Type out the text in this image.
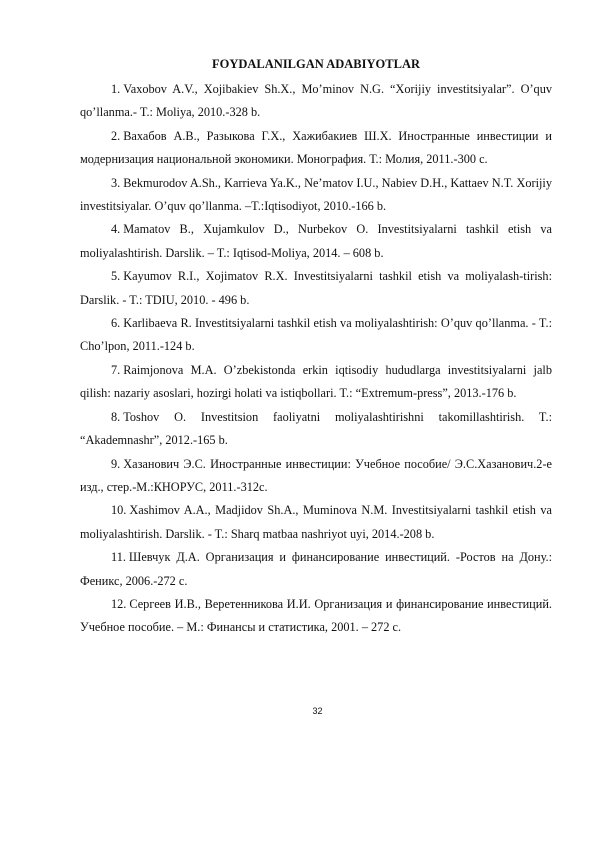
FOYDALANILGAN ADABIYOTLAR

1. Vaxobov A.V., Xojibakiev Sh.X., Mo’minov N.G. “Xorijiy investitsiyalar”. O’quv qo’llanma.- T.: Moliya, 2010.-328 b.

2. Вахабов А.В., Разыкова Г.Х., Хажибакиев Ш.Х. Иностранные инвестиции и модернизация национальной экономики. Монография. Т.: Молия, 2011.-300 с.

3. Bekmurodov A.Sh., Karrieva Ya.K., Ne’matov I.U., Nabiev D.H., Kattaev N.T. Xorijiy investitsiyalar. O’quv qo’llanma. –T.:Iqtisodiyot, 2010.-166 b.

4. Mamatov B., Xujamkulov D., Nurbekov O. Investitsiyalarni tashkil etish va moliyalashtirish. Darslik. – T.: Iqtisod-Moliya, 2014. – 608 b.

5. Kayumov R.I., Xojimatov R.X. Investitsiyalarni tashkil etish va moliyalash-tirish: Darslik. - T.: TDIU, 2010. - 496 b.

6. Karlibaeva R. Investitsiyalarni tashkil etish va moliyalashtirish: O’quv qo’llanma. - T.: Cho’lpon, 2011.-124 b.

7. Raimjonova M.A. O’zbekistonda erkin iqtisodiy hududlarga investitsiyalarni jalb qilish: nazariy asoslari, hozirgi holati va istiqbollari. T.: “Extremum-press”, 2013.-176 b.

8. Toshov O. Investitsion faoliyatni moliyalashtirishni takomillashtirish. T.: “Akademnashr”, 2012.-165 b.

9. Хазанович Э.С. Иностранные инвестиции: Учебное пособие/ Э.С.Хазанович.2-е изд., стер.-М.:КНОРУС, 2011.-312с.

10. Xashimov A.A., Madjidov Sh.A., Muminova N.M. Investitsiyalarni tashkil etish va moliyalashtirish. Darslik. - T.: Sharq matbaa nashriyot uyi, 2014.-208 b.

11. Шевчук Д.А. Организация и финансирование инвестиций. -Ростов на Дону.: Феникс, 2006.-272 с.

12. Сергеев И.В., Веретенникова И.И. Организация и финансирование инвестиций. Учебное пособие. – М.: Финансы и статистика, 2001. – 272 с.

32
